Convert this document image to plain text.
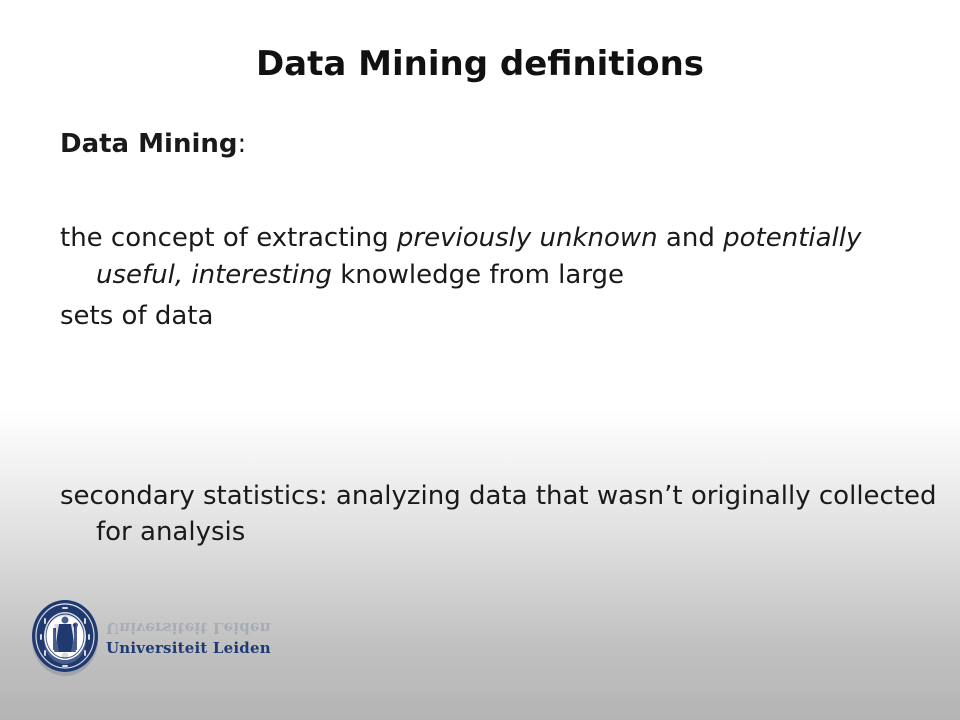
Data Mining definitions
Data Mining:
the concept of extracting previously unknown and potentially useful, interesting knowledge from large
sets of data
secondary statistics: analyzing data that wasn’t originally collected for analysis
Universiteit Leiden
Universiteit Leiden
